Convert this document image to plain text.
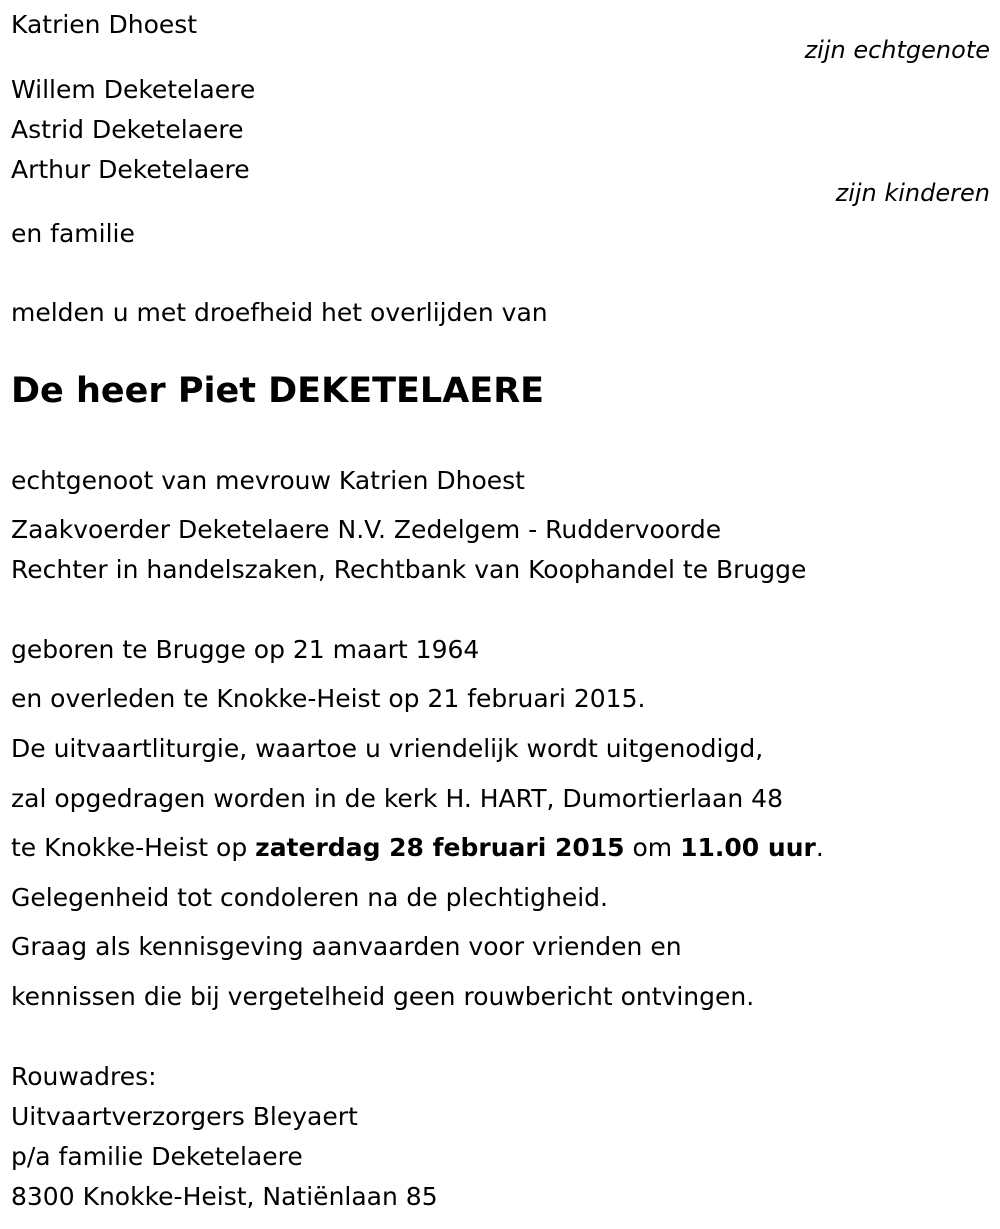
Katrien Dhoest
zijn echtgenote
Willem Deketelaere
Astrid Deketelaere
Arthur Deketelaere
zijn kinderen
en familie
melden u met droefheid het overlijden van
De heer Piet DEKETELAERE
echtgenoot van mevrouw Katrien Dhoest
Zaakvoerder Deketelaere N.V. Zedelgem - Ruddervoorde
Rechter in handelszaken, Rechtbank van Koophandel te Brugge
geboren te Brugge op 21 maart 1964
en overleden te Knokke-Heist op 21 februari 2015.
De uitvaartliturgie, waartoe u vriendelijk wordt uitgenodigd,
zal opgedragen worden in de kerk H. HART, Dumortierlaan 48
te Knokke-Heist op zaterdag 28 februari 2015 om 11.00 uur.
Gelegenheid tot condoleren na de plechtigheid.
Graag als kennisgeving aanvaarden voor vrienden en
kennissen die bij vergetelheid geen rouwbericht ontvingen.
Rouwadres:
Uitvaartverzorgers Bleyaert
p/a familie Deketelaere
8300 Knokke-Heist, Natiënlaan 85
